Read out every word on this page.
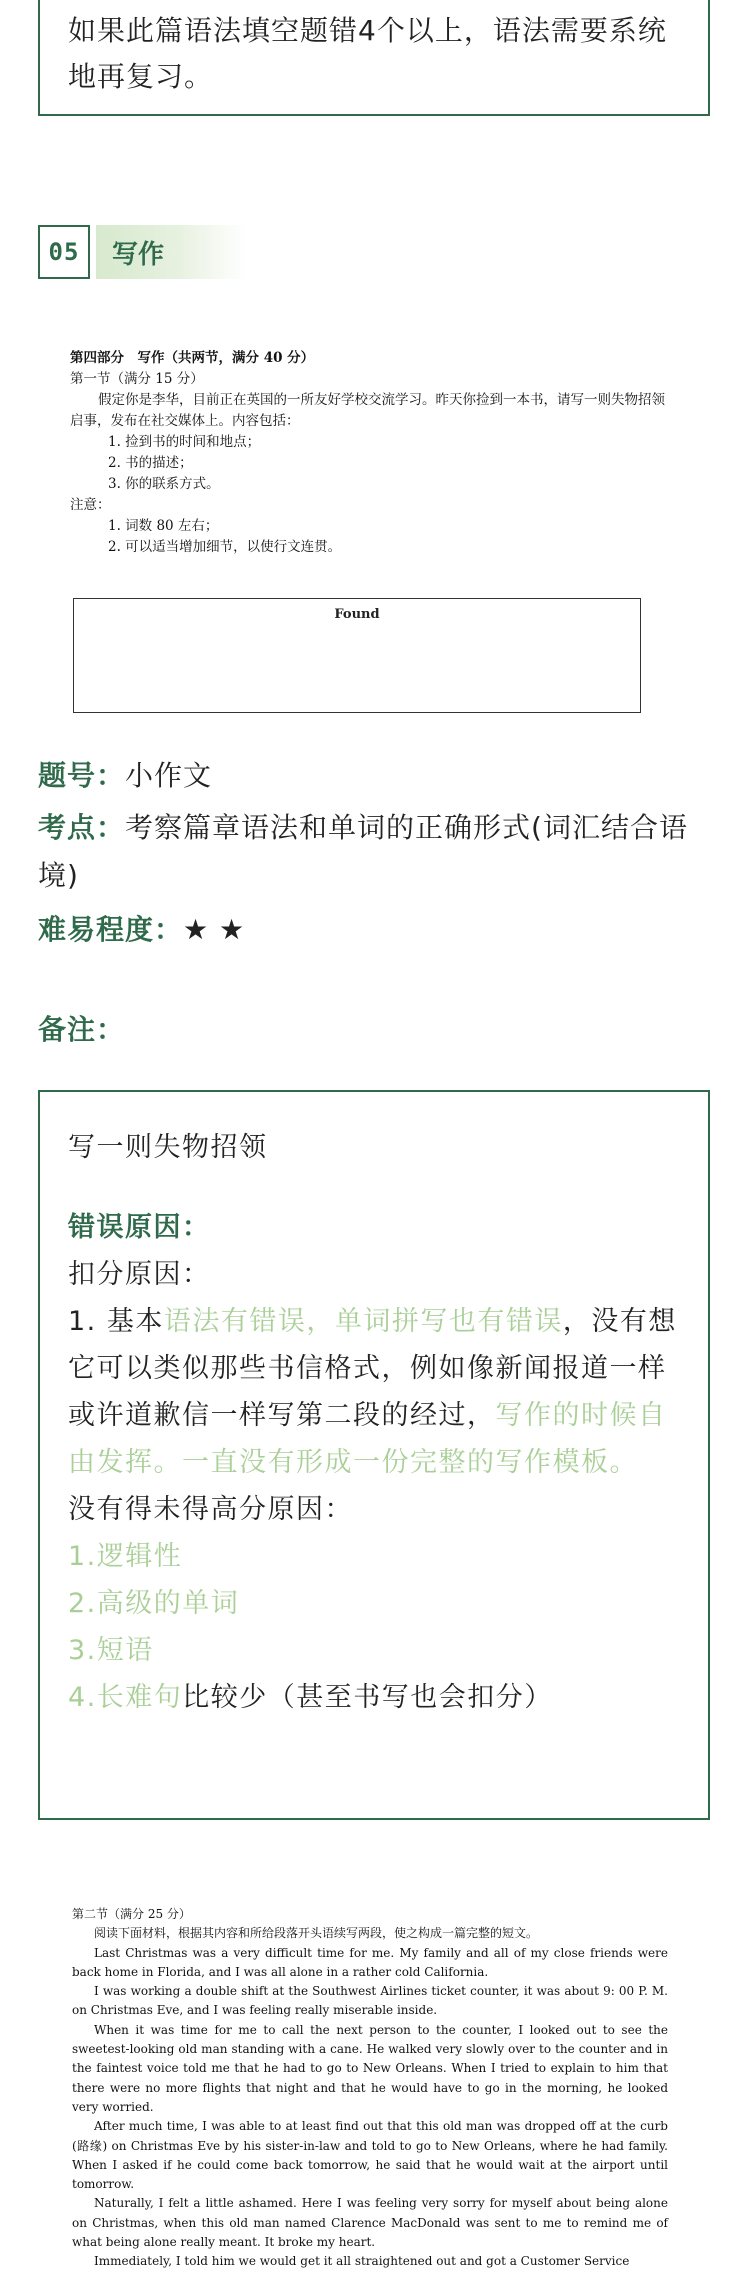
如果此篇语法填空题错4个以上，语法需要系统地再复习。

05	写作
第四部分　写作（共两节，满分 40 分）
第一节（满分 15 分）
假定你是李华，目前正在英国的一所友好学校交流学习。昨天你捡到一本书，请写一则失物招领启事，发布在社交媒体上。内容包括：
1. 捡到书的时间和地点；
2. 书的描述；
3. 你的联系方式。
注意：
1. 词数 80 左右；
2. 可以适当增加细节，以使行文连贯。
Found

题号：小作文

考点：考察篇章语法和单词的正确形式(词汇结合语境)

难易程度：★ ★

备注：

写一则失物招领

错误原因：

扣分原因：

1. 基本语法有错误，单词拼写也有错误，没有想它可以类似那些书信格式，例如像新闻报道一样或许道歉信一样写第二段的经过，写作的时候自由发挥。一直没有形成一份完整的写作模板。

没有得未得高分原因：

1.逻辑性

2.高级的单词

3.短语

4.长难句比较少（甚至书写也会扣分）

第二节（满分 25 分）

阅读下面材料，根据其内容和所给段落开头语续写两段，使之构成一篇完整的短文。

Last Christmas was a very difficult time for me. My family and all of my close friends were back home in Florida, and I was all alone in a rather cold California.

I was working a double shift at the Southwest Airlines ticket counter, it was about 9: 00 P. M. on Christmas Eve, and I was feeling really miserable inside.

When it was time for me to call the next person to the counter, I looked out to see the sweetest-looking old man standing with a cane. He walked very slowly over to the counter and in the faintest voice told me that he had to go to New Orleans. When I tried to explain to him that there were no more flights that night and that he would have to go in the morning, he looked very worried.

After much time, I was able to at least find out that this old man was dropped off at the curb (路缘) on Christmas Eve by his sister-in-law and told to go to New Orleans, where he had family. When I asked if he could come back tomorrow, he said that he would wait at the airport until tomorrow.

Naturally, I felt a little ashamed. Here I was feeling very sorry for myself about being alone on Christmas, when this old man named Clarence MacDonald was sent to me to remind me of what being alone really meant. It broke my heart.

Immediately, I told him we would get it all straightened out and got a Customer Service
